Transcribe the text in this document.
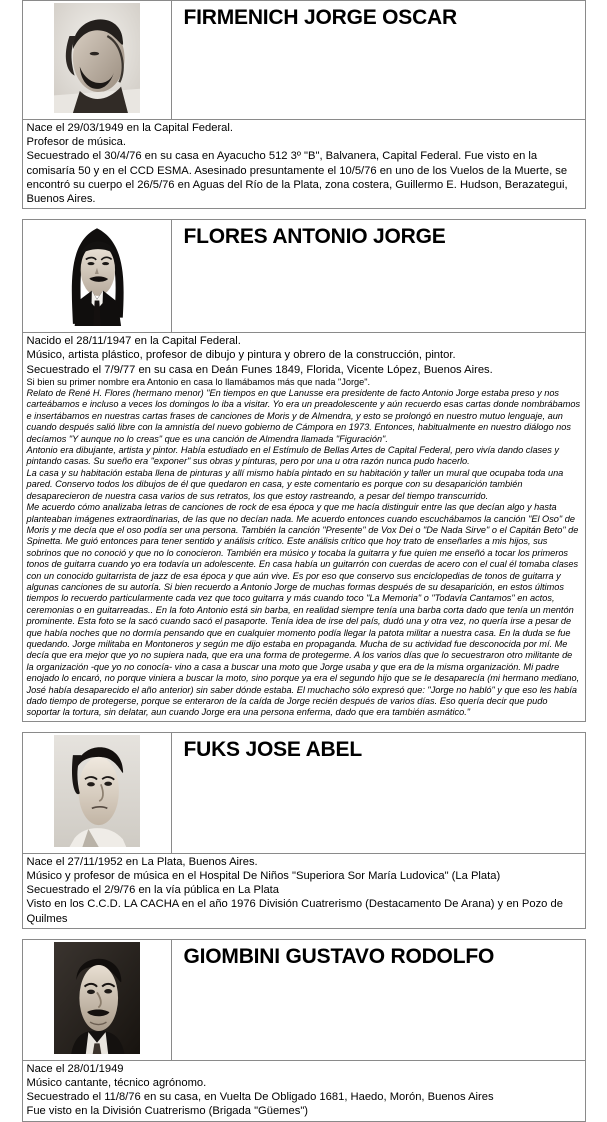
FIRMENICH JORGE OSCAR

Nace el 29/03/1949 en la Capital Federal.
Profesor de música.
Secuestrado el 30/4/76 en su casa en Ayacucho 512 3º "B", Balvanera, Capital Federal. Fue visto en la comisaría 50 y en el CCD ESMA. Asesinado presuntamente el 10/5/76 en uno de los Vuelos de la Muerte, se encontró su cuerpo el 26/5/76 en Aguas del Río de la Plata, zona costera, Guillermo E. Hudson, Berazategui, Buenos Aires.

FLORES ANTONIO JORGE

Nacido el 28/11/1947 en la Capital Federal.
Músico, artista plástico, profesor de dibujo y pintura y obrero de la construcción, pintor.
Secuestrado el 7/9/77 en su casa en Deán Funes 1849, Florida, Vicente López, Buenos Aires.
Si bien su primer nombre era Antonio en casa lo llamábamos más que nada "Jorge".
Relato de René H. Flores (hermano menor) "En tiempos en que Lanusse era presidente de facto Antonio Jorge estaba preso y nos carteábamos e incluso a veces los domingos lo iba a visitar. Yo era un preadolescente y aún recuerdo esas cartas donde nombrábamos e insertábamos en nuestras cartas frases de canciones de Moris y de Almendra, y esto se prolongó en nuestro mutuo lenguaje, aun cuando después salió libre con la amnistía del nuevo gobierno de Cámpora en 1973. Entonces, habitualmente en nuestro diálogo nos decíamos "Y aunque no lo creas" que es una canción de Almendra llamada "Figuración".
Antonio era dibujante, artista y pintor. Había estudiado en el Estímulo de Bellas Artes de Capital Federal, pero vivía dando clases y pintando casas. Su sueño era "exponer" sus obras y pinturas, pero por una u otra razón nunca pudo hacerlo.
La casa y su habitación estaba llena de pinturas y allí mismo había pintado en su habitación y taller un mural que ocupaba toda una pared. Conservo todos los dibujos de él que quedaron en casa, y este comentario es porque con su desaparición también desaparecieron de nuestra casa varios de sus retratos, los que estoy rastreando, a pesar del tiempo transcurrido.
Me acuerdo cómo analizaba letras de canciones de rock de esa época y que me hacía distinguir entre las que decían algo y hasta planteaban imágenes extraordinarias, de las que no decían nada. Me acuerdo entonces cuando escuchábamos la canción "El Oso" de Moris y me decía que el oso podía ser una persona. También la canción "Presente" de Vox Dei o "De Nada Sirve" o el Capitán Beto" de Spinetta. Me guió entonces para tener sentido y análisis crítico. Este análisis crítico que hoy trato de enseñarles a mis hijos, sus sobrinos que no conoció y que no lo conocieron. También era músico y tocaba la guitarra y fue quien me enseñó a tocar los primeros tonos de guitarra cuando yo era todavía un adolescente. En casa había un guitarrón con cuerdas de acero con el cual él tomaba clases con un conocido guitarrista de jazz de esa época y que aún vive. Es por eso que conservo sus enciclopedias de tonos de guitarra y algunas canciones de su autoría. Si bien recuerdo a Antonio Jorge de muchas formas después de su desaparición, en estos últimos tiempos lo recuerdo particularmente cada vez que toco guitarra y más cuando toco "La Memoria" o "Todavía Cantamos" en actos, ceremonias o en guitarreadas.. En la foto Antonio está sin barba, en realidad siempre tenía una barba corta dado que tenía un mentón prominente. Esta foto se la sacó cuando sacó el pasaporte. Tenía idea de irse del país, dudó una y otra vez, no quería irse a pesar de que había noches que no dormía pensando que en cualquier momento podía llegar la patota militar a nuestra casa. En la duda se fue quedando. Jorge militaba en Montoneros y según me dijo estaba en propaganda. Mucha de su actividad fue desconocida por mí. Me decía que era mejor que yo no supiera nada, que era una forma de protegerme. A los varios días que lo secuestraron otro militante de la organización -que yo no conocía- vino a casa a buscar una moto que Jorge usaba y que era de la misma organización. Mi padre enojado lo encaró, no porque viniera a buscar la moto, sino porque ya era el segundo hijo que se le desaparecía (mi hermano mediano, José había desaparecido el año anterior) sin saber dónde estaba. El muchacho sólo expresó que: "Jorge no habló" y que eso les había dado tiempo de protegerse, porque se enteraron de la caída de Jorge recién después de varios días. Eso quería decir que pudo soportar la tortura, sin delatar, aun cuando Jorge era una persona enferma, dado que era también asmático."

FUKS JOSE ABEL

Nace el 27/11/1952 en La Plata, Buenos Aires.
Músico y profesor de música en el Hospital De Niños "Superiora Sor María Ludovica" (La Plata)
Secuestrado el 2/9/76 en la vía pública en La Plata
Visto en los C.C.D. LA CACHA en el año 1976 División Cuatrerismo (Destacamento De Arana) y en Pozo de Quilmes

GIOMBINI GUSTAVO RODOLFO

Nace el 28/01/1949
Músico cantante, técnico agrónomo.
Secuestrado el 11/8/76 en su casa, en Vuelta De Obligado 1681, Haedo, Morón, Buenos Aires
Fue visto en la División Cuatrerismo (Brigada "Güemes")
